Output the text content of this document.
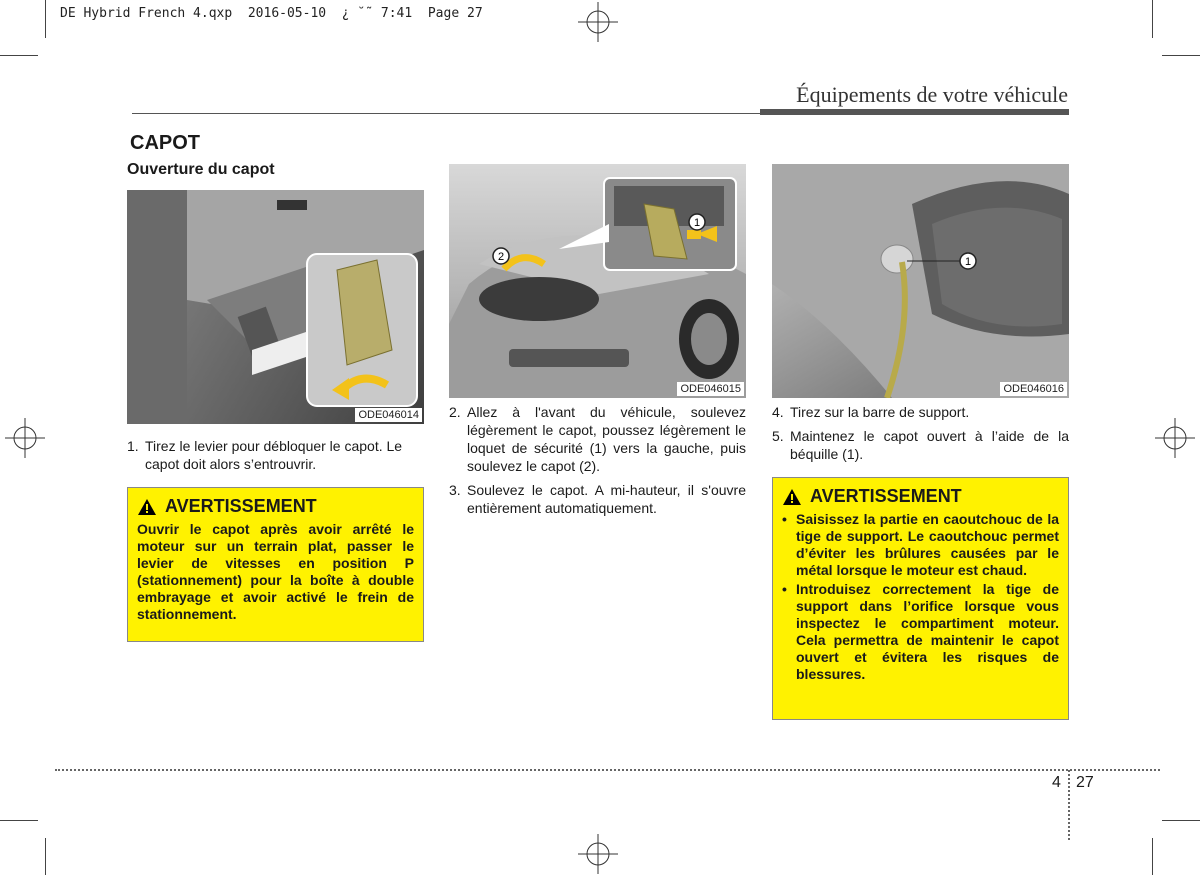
DE Hybrid French 4.qxp  2016-05-10  ¿ ˘˜ 7:41  Page 27
Équipements de votre véhicule
CAPOT
Ouverture du capot
ODE046014
1
2
ODE046015
1
ODE046016
1. Tirez le levier pour débloquer le capot. Le capot doit alors s’entrouvrir.
AVERTISSEMENT
Ouvrir le capot après avoir arrêté le moteur sur un terrain plat, passer le levier de vitesses en position P (stationnement) pour la boîte à double embrayage et avoir activé le frein de stationnement.
2. Allez à l'avant du véhicule, soulevez légèrement le capot, poussez légèrement le loquet de sécurité (1) vers la gauche, puis soulevez le capot (2).
3. Soulevez le capot. A mi-hauteur, il s'ouvre entièrement automatiquement.
4. Tirez sur la barre de support.
5. Maintenez le capot ouvert à l’aide de la béquille (1).
AVERTISSEMENT
• Saisissez la partie en caoutchouc de la tige de support. Le caoutchouc permet d’éviter les brûlures causées par le métal lorsque le moteur est chaud.
• Introduisez correctement la tige de support dans l’orifice lorsque vous inspectez le compartiment moteur. Cela permettra de maintenir le capot ouvert et évitera les risques de blessures.
4 27
